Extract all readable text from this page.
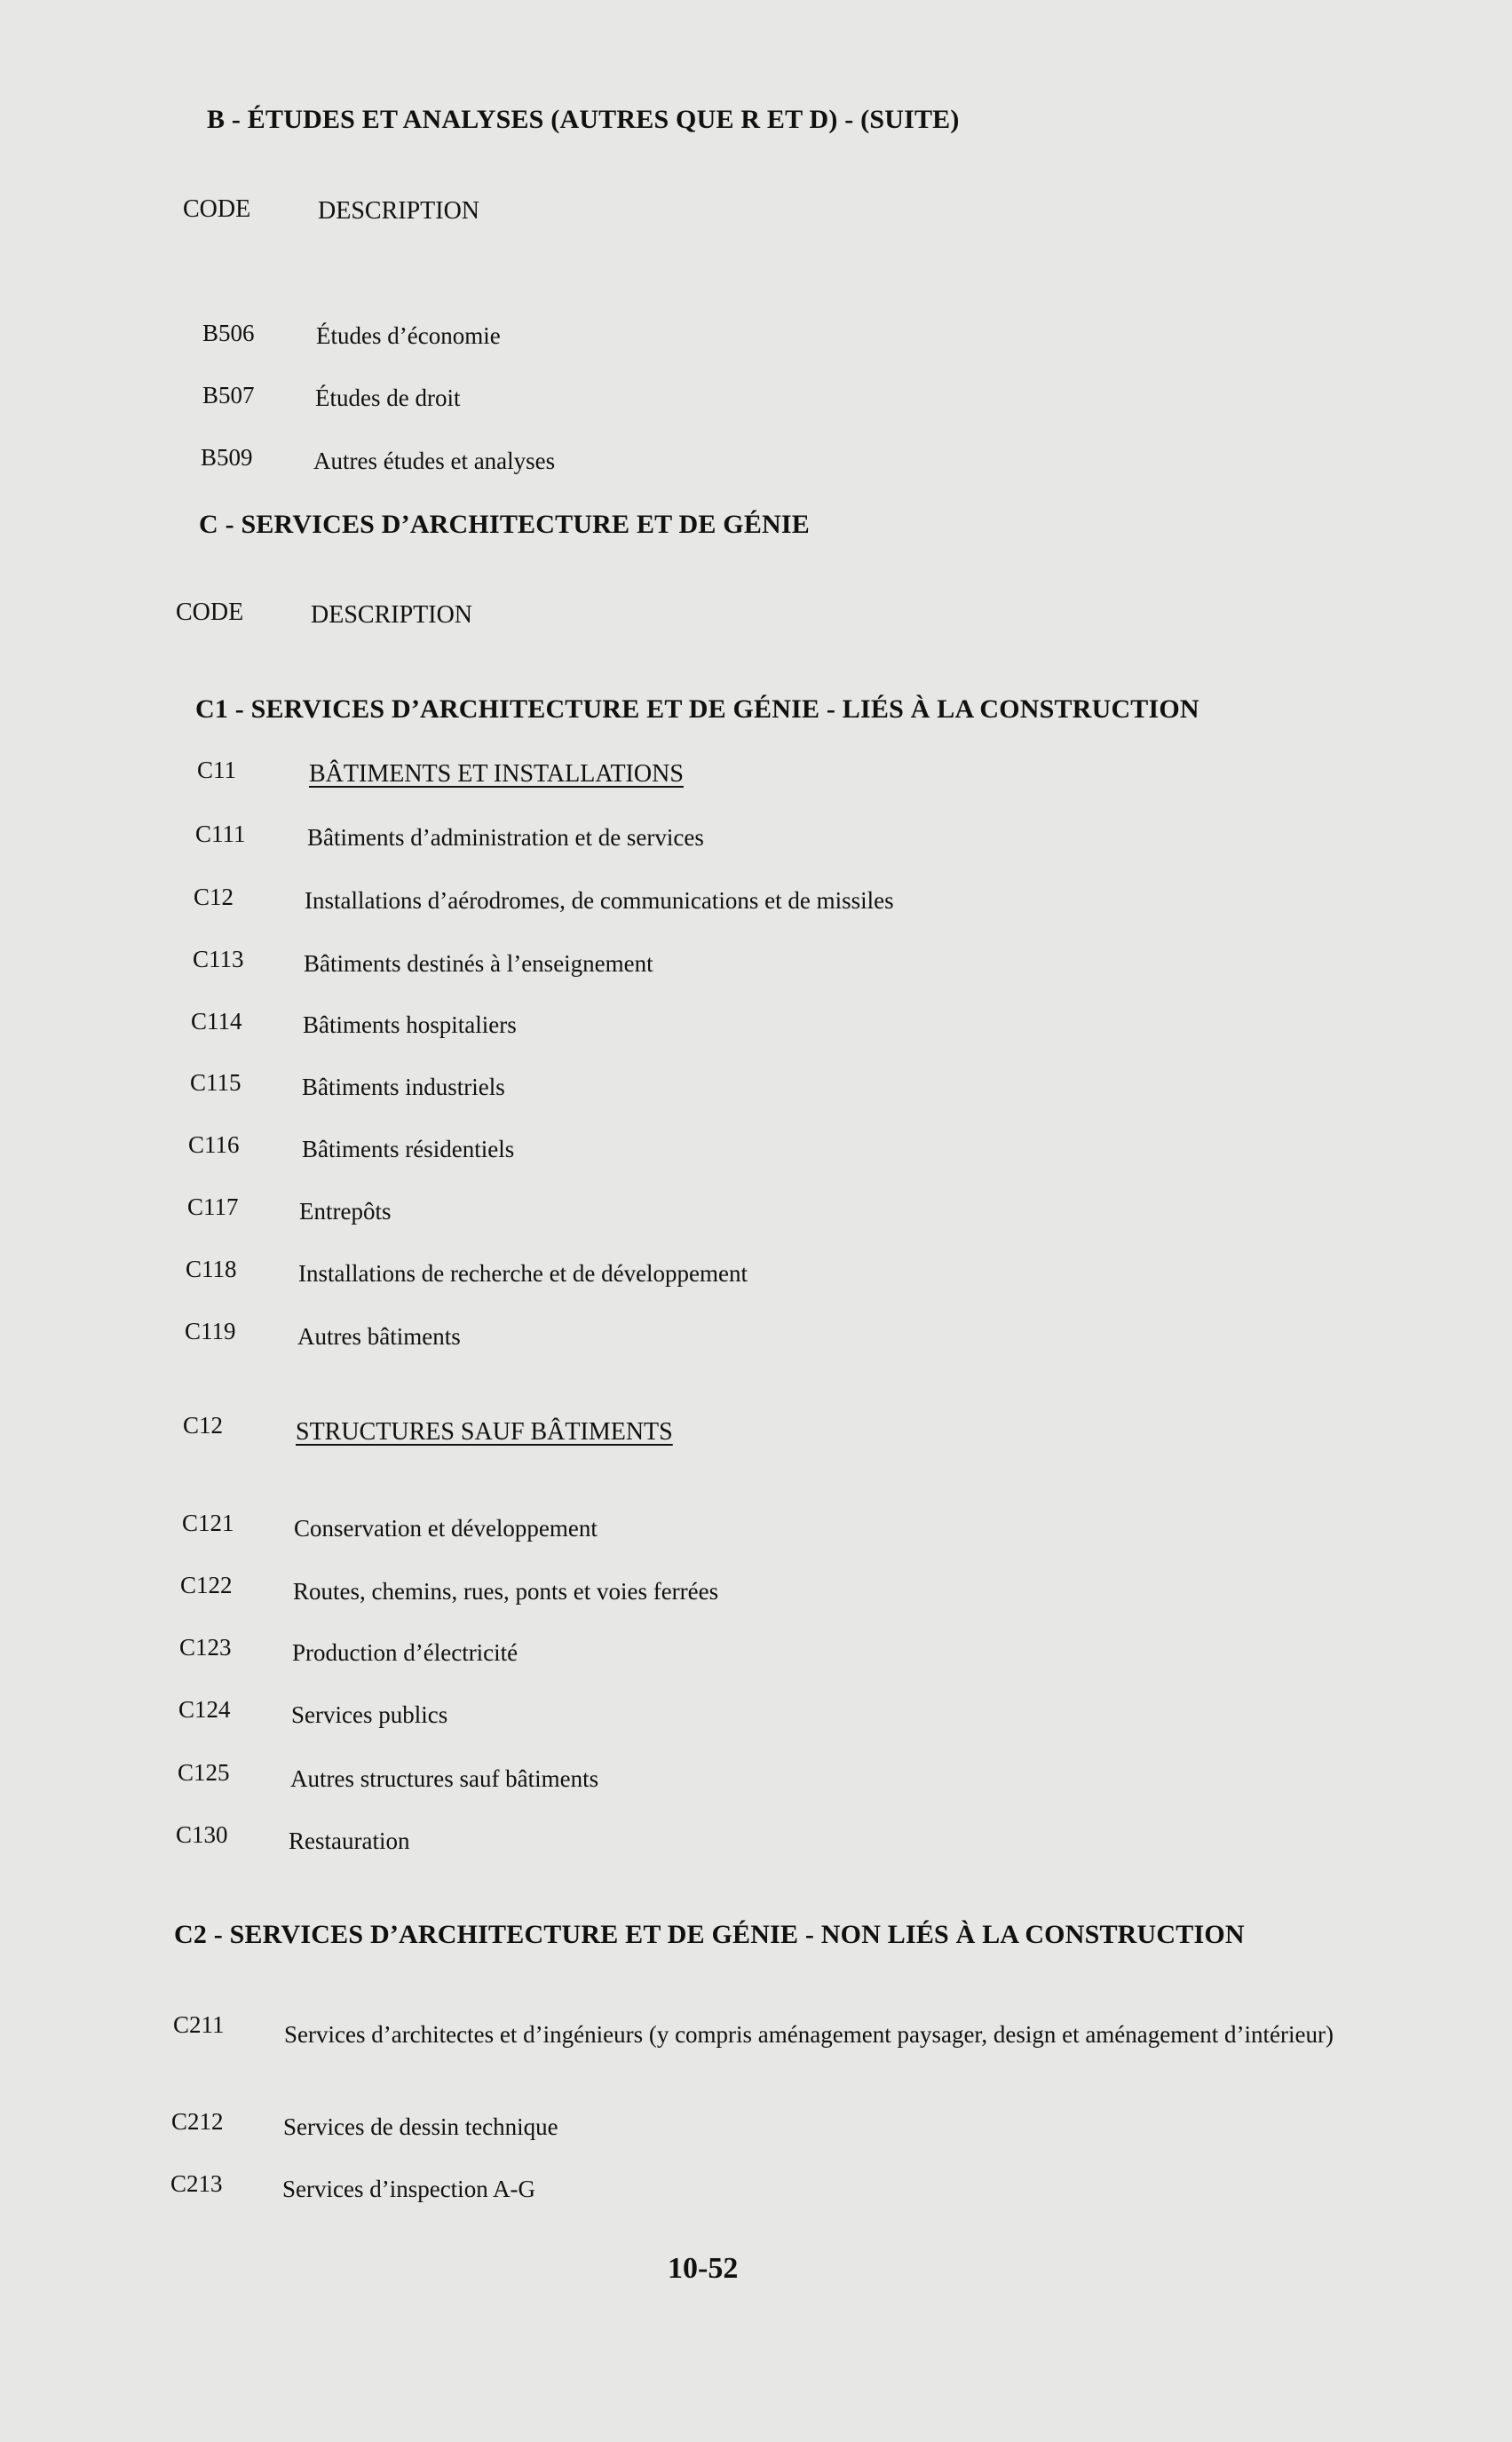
B - ÉTUDES ET ANALYSES (AUTRES QUE R ET D) - (SUITE)
CODE	DESCRIPTION
B506	Études d’économie
B507	Études de droit
B509	Autres études et analyses
C - SERVICES D’ARCHITECTURE ET DE GÉNIE
CODE	DESCRIPTION
C1 - SERVICES D’ARCHITECTURE ET DE GÉNIE - LIÉS À LA CONSTRUCTION
C11	BÂTIMENTS ET INSTALLATIONS
C111	Bâtiments d’administration et de services
C12	Installations d’aérodromes, de communications et de missiles
C113 Bâtiments destinés à l’enseignement
C114	Bâtiments hospitaliers
C115	Bâtiments industriels
C116	Bâtiments résidentiels
C117	Entrepôts
C118	Installations de recherche et de développement
C119	Autres bâtiments
C12	STRUCTURES SAUF BÂTIMENTS
C121 Conservation et développement
C122	Routes, chemins, rues, ponts et voies ferrées
C123	Production d’électricité
C124	Services publics
C125	Autres structures sauf bâtiments
C130	Restauration
C2 - SERVICES D’ARCHITECTURE ET DE GÉNIE - NON LIÉS À LA CONSTRUCTION
C211 Services d’architectes et d’ingénieurs (y compris aménagement paysager, design et aménagement d’intérieur)
C212 Services de dessin technique
C213 Services d’inspection A-G
10-52
